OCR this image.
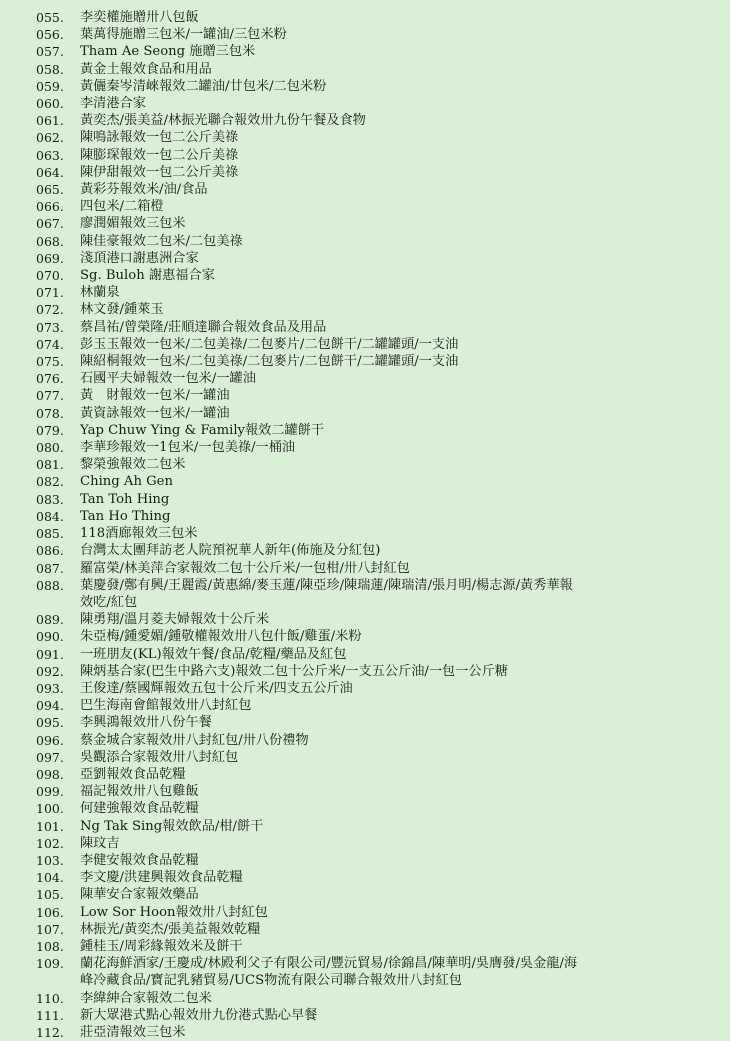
055.	李奕權施贈卅八包飯
056.	葉萬得施贈三包米/一罐油/三包米粉
057.	Tham Ae Seong 施贈三包米
058.	黃金土報效食品和用品
059.	黃儷秦岑清崍報效二罐油/廿包米/二包米粉
060.	李清港合家
061.	黃奕杰/張美益/林振光聯合報效卅九份午餐及食物
062.	陳鳴詠報效一包二公斤美祿
063.	陳膨琛報效一包二公斤美祿
064.	陳伊甜報效一包二公斤美祿
065.	黃彩芬報效米/油/食品
066.	四包米/二箱橙
067.	廖潤媚報效三包米
068.	陳佳豪報效二包米/二包美祿
069.	淺頂港口謝惠洲合家
070.	Sg. Buloh 謝惠福合家
071.	林蘭泉
072.	林文發/鍾萊玉
073.	蔡昌祐/曾榮隆/莊順達聯合報效食品及用品
074.	彭玉玉報效一包米/二包美祿/二包麥片/二包餅干/二罐罐頭/一支油
075.	陳紹桐報效一包米/二包美祿/二包麥片/二包餅干/二罐罐頭/一支油
076.	石國平夫婦報效一包米/一罐油
077.	黃　財報效一包米/一罐油
078.	黃資詠報效一包米/一罐油
079.	Yap Chuw Ying & Family報效二罐餅干
080.	李華珍報效一1包米/一包美祿/一桶油
081.	黎榮強報效二包米
082.	Ching Ah Gen
083.	Tan Toh Hing
084.	Tan Ho Thing
085.	118酒廊報效三包米
086.	台灣太太團拜訪老人院預祝華人新年(佈施及分紅包)
087.	羅富榮/林美萍合家報效二包十公斤米/一包柑/卅八封紅包
088.	葉慶發/鄭有興/王麗霞/黃惠綿/麥玉蓮/陳亞珍/陳瑞蓮/陳瑞清/張月明/楊志源/黃秀華報效吃/紅包
089.	陳勇翔/溫月菱夫婦報效十公斤米
090.	朱亞梅/鍾愛媚/鍾敬權報效卅八包什飯/雞蛋/米粉
091.	一班朋友(KL)報效午餐/食品/乾糧/藥品及紅包
092.	陳炳基合家(巴生中路六支)報效二包十公斤米/一支五公斤油/一包一公斤糖
093.	王俊達/蔡國輝報效五包十公斤米/四支五公斤油
094.	巴生海南會館報效卅八封紅包
095.	李興鴻報效卅八份午餐
096.	蔡金城合家報效卅八封紅包/卅八份禮物
097.	吳觀添合家報效卅八封紅包
098.	亞劉報效食品乾糧
099.	福記報效卅八包雞飯
100.	何建強報效食品乾糧
101.	Ng Tak Sing報效飲品/柑/餅干
102.	陳玟吉
103.	李健安報效食品乾糧
104.	李文慶/洪建興報效食品乾糧
105.	陳華安合家報效藥品
106.	Low Sor Hoon報效卅八封紅包
107.	林振光/黃奕杰/張美益報效乾糧
108.	鍾桂玉/周彩緣報效米及餅干
109.	蘭花海鮮酒家/王慶成/林殿利父子有限公司/豐沅貿易/徐錦昌/陳華明/吳膺發/吳金龍/海峰冷藏食品/寶記乳豬貿易/UCS物流有限公司聯合報效卅八封紅包
110.	李緯紳合家報效二包米
111.	新大眾港式點心報效卅九份港式點心早餐
112.	莊亞清報效三包米
